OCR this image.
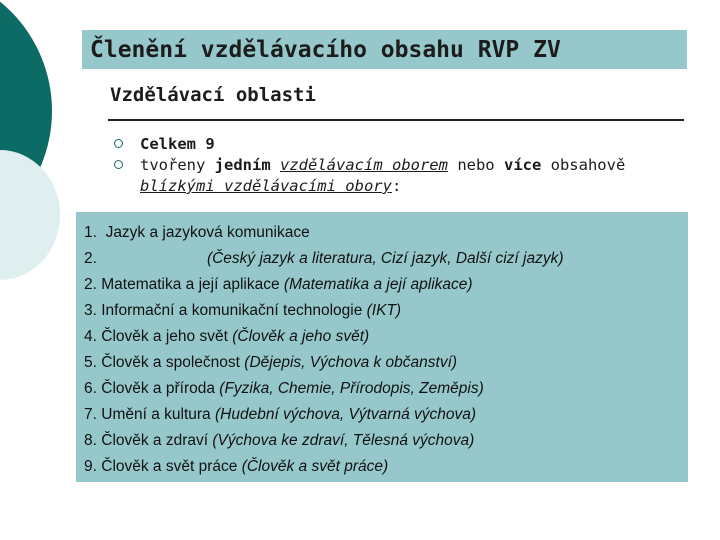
Členění vzdělávacího obsahu RVP ZV
Vzdělávací oblasti
Celkem 9
tvořeny jedním vzdělávacím oborem nebo více obsahově
blízkými vzdělávacími obory:
1. Jazyk a jazyková komunikace
2.	(Český jazyk a literatura, Cizí jazyk, Další cizí jazyk)
2. Matematika a její aplikace (Matematika a její aplikace)
3. Informační a komunikační technologie (IKT)
4. Člověk a jeho svět (Člověk a jeho svět)
5. Člověk a společnost (Dějepis, Výchova k občanství)
6. Člověk a příroda (Fyzika, Chemie, Přírodopis, Zeměpis)
7. Umění a kultura (Hudební výchova, Výtvarná výchova)
8. Člověk a zdraví (Výchova ke zdraví, Tělesná výchova)
9. Člověk a svět práce (Člověk a svět práce)
